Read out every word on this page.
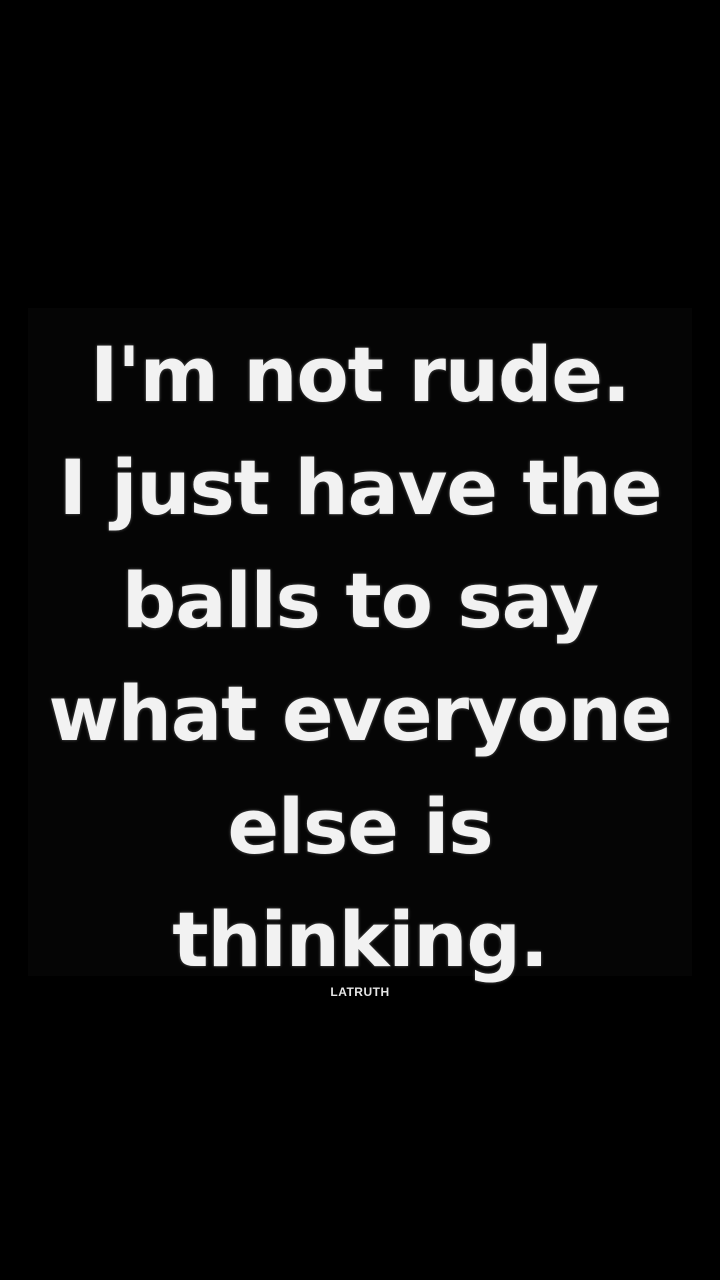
I'm not rude.
I just have the
balls to say
what everyone
else is
thinking.
LATRUTH
